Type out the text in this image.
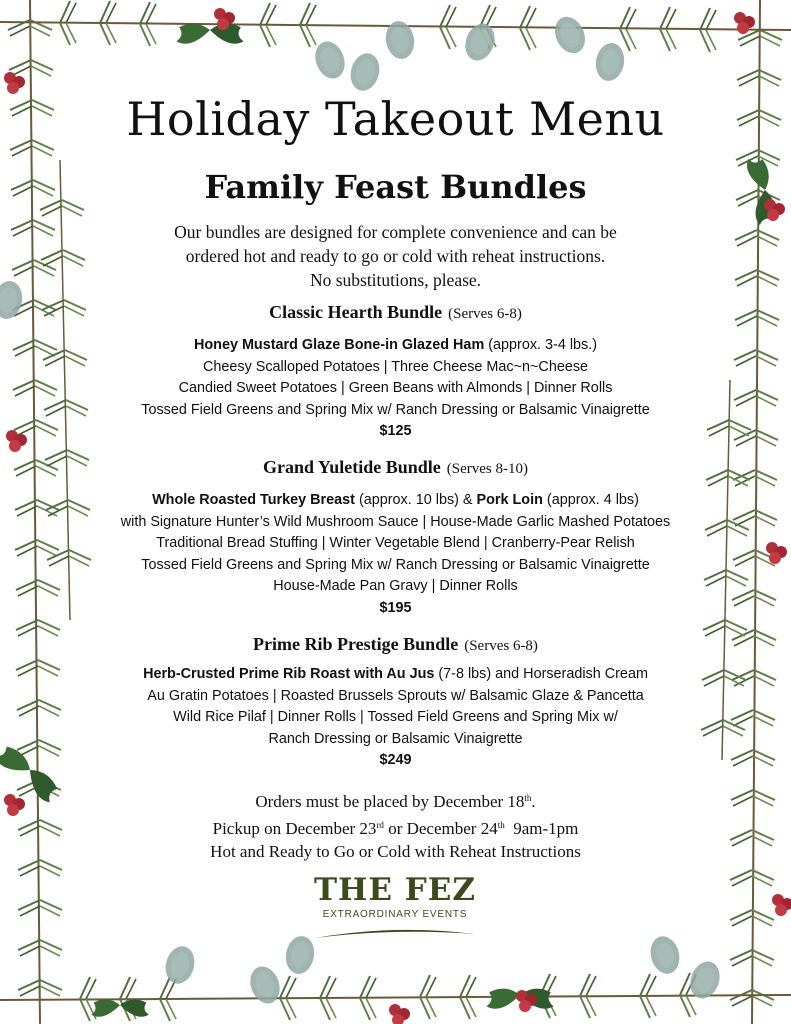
Holiday Takeout Menu
Family Feast Bundles
Our bundles are designed for complete convenience and can be
ordered hot and ready to go or cold with reheat instructions.
No substitutions, please.
Classic Hearth Bundle (Serves 6-8)
Honey Mustard Glaze Bone-in Glazed Ham (approx. 3-4 lbs.)
Cheesy Scalloped Potatoes | Three Cheese Mac~n~Cheese
Candied Sweet Potatoes | Green Beans with Almonds | Dinner Rolls
Tossed Field Greens and Spring Mix w/ Ranch Dressing or Balsamic Vinaigrette
$125
Grand Yuletide Bundle (Serves 8-10)
Whole Roasted Turkey Breast (approx. 10 lbs) & Pork Loin (approx. 4 lbs)
with Signature Hunter’s Wild Mushroom Sauce | House-Made Garlic Mashed Potatoes
Traditional Bread Stuffing | Winter Vegetable Blend | Cranberry-Pear Relish
Tossed Field Greens and Spring Mix w/ Ranch Dressing or Balsamic Vinaigrette
House-Made Pan Gravy | Dinner Rolls
$195
Prime Rib Prestige Bundle (Serves 6-8)
Herb-Crusted Prime Rib Roast with Au Jus (7-8 lbs) and Horseradish Cream
Au Gratin Potatoes | Roasted Brussels Sprouts w/ Balsamic Glaze & Pancetta
Wild Rice Pilaf | Dinner Rolls | Tossed Field Greens and Spring Mix w/
Ranch Dressing or Balsamic Vinaigrette
$249
Orders must be placed by December 18th.
Pickup on December 23rd or December 24th  9am-1pm
Hot and Ready to Go or Cold with Reheat Instructions
THE FEZ
EXTRAORDINARY EVENTS
